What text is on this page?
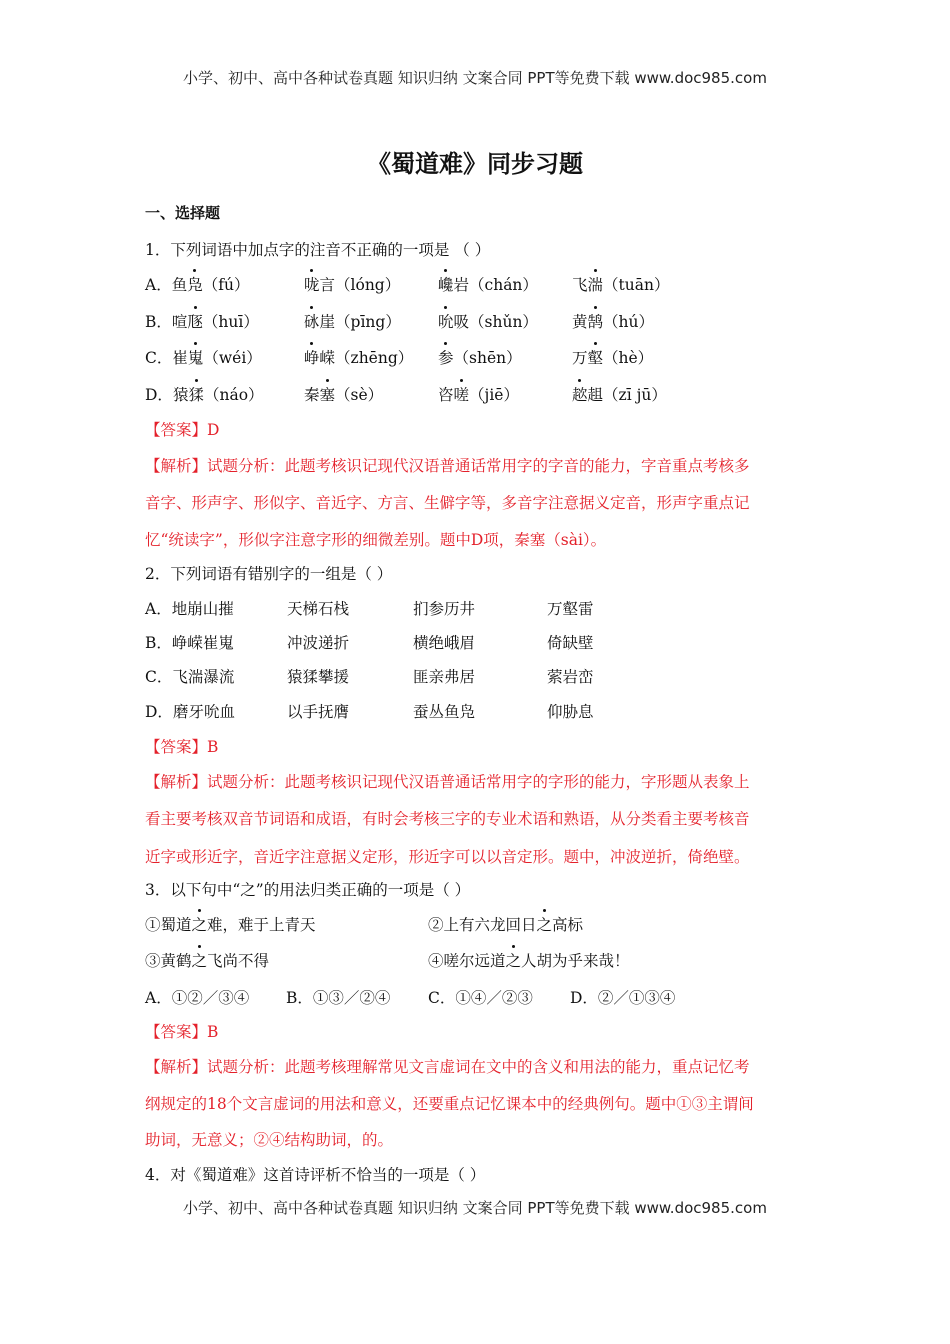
小学、初中、高中各种试卷真题 知识归纳 文案合同 PPT等免费下载 www.doc985.com
《蜀道难》同步习题
一、选择题
1．下列词语中加点字的注音不正确的一项是 （ ）
A．鱼凫（fú）	咙言（lóng） 巉岩（chán） 飞湍（tuān）
B．喧豗（huī）	砯崖（pīng） 吮吸（shǔn） 黄鹄（hú）
C．崔嵬（wéi）	峥嵘（zhēng） 参（shēn）	万壑（hè）
D．猿猱（náo）	秦塞（sè）	咨嗟（jiē）	趑趄（zī jū）
【答案】D
【解析】试题分析：此题考核识记现代汉语普通话常用字的字音的能力，字音重点考核多
音字、形声字、形似字、音近字、方言、生僻字等，多音字注意据义定音，形声字重点记
忆“统读字”，形似字注意字形的细微差别。题中D项，秦塞（sài）。
2．下列词语有错别字的一组是（ ）
A．地崩山摧	天梯石栈	扪参历井	万壑雷
B．峥嵘崔嵬	冲波递折	横绝峨眉	倚缺壁
C．飞湍瀑流	猿猱攀援	匪亲弗居	萦岩峦
D．磨牙吮血	以手抚膺	蚕丛鱼凫	仰胁息
【答案】B
【解析】试题分析：此题考核识记现代汉语普通话常用字的字形的能力，字形题从表象上
看主要考核双音节词语和成语，有时会考核三字的专业术语和熟语，从分类看主要考核音
近字或形近字，音近字注意据义定形，形近字可以以音定形。题中，冲波逆折，倚绝壁。
3．以下句中“之”的用法归类正确的一项是（ ）
①蜀道之难，难于上青天	②上有六龙回日之高标
③黄鹤之飞尚不得	④嗟尔远道之人胡为乎来哉！
A．①②／③④ B．①③／②④ C．①④／②③ D．②／①③④
【答案】B
【解析】试题分析：此题考核理解常见文言虚词在文中的含义和用法的能力，重点记忆考
纲规定的18个文言虚词的用法和意义，还要重点记忆课本中的经典例句。题中①③主谓间
助词，无意义；②④结构助词，的。
4．对《蜀道难》这首诗评析不恰当的一项是（ ）
小学、初中、高中各种试卷真题 知识归纳 文案合同 PPT等免费下载 www.doc985.com
